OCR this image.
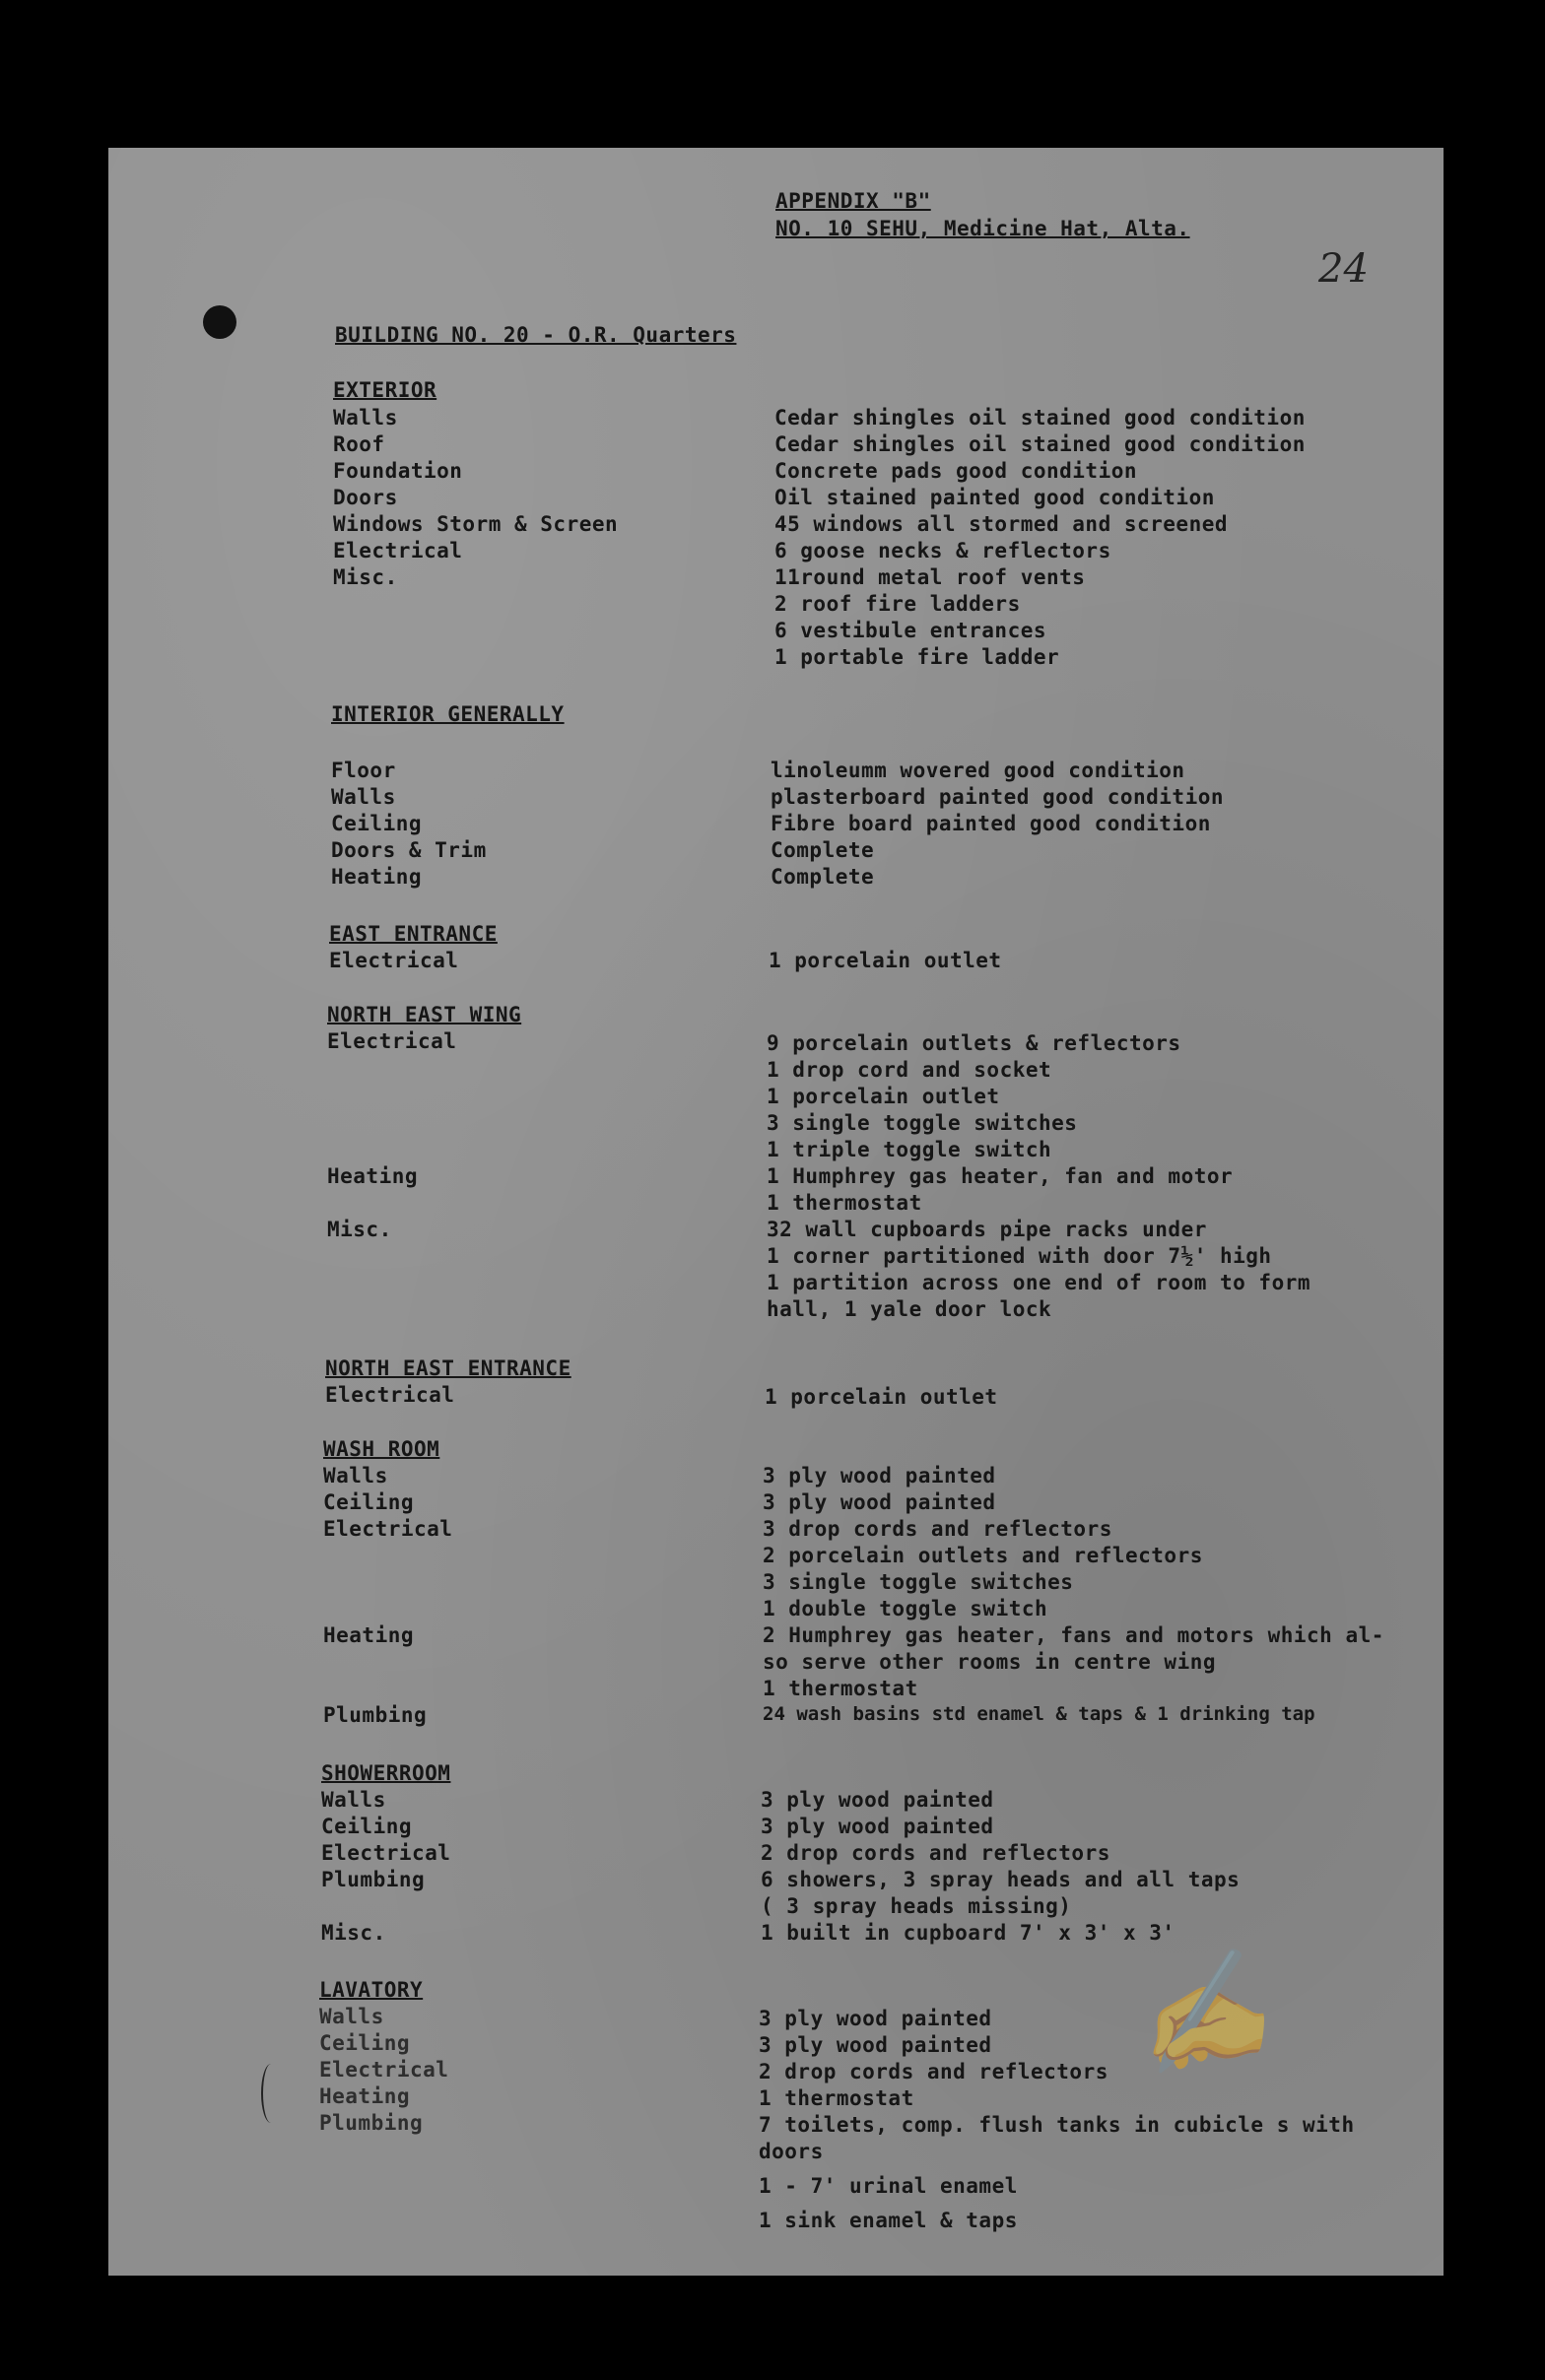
24
✍
APPENDIX "B"
NO. 10 SEHU, Medicine Hat, Alta.
BUILDING NO. 20 - O.R. Quarters
EXTERIOR
Walls	Cedar shingles oil stained good condition
Roof	Cedar shingles oil stained good condition
Foundation	Concrete pads good condition
Doors	Oil stained painted good condition
Windows Storm & Screen	45 windows all stormed and screened
Electrical	6 goose necks & reflectors
Misc.	11round metal roof vents
2 roof fire ladders
6 vestibule entrances
1 portable fire ladder
INTERIOR GENERALLY
Floor	linoleumm wovered good condition
Walls	plasterboard painted good condition
Ceiling	Fibre board painted good condition
Doors & Trim	Complete
Heating	Complete
EAST ENTRANCE
Electrical	1 porcelain outlet
NORTH EAST WING
Electrical	9 porcelain outlets & reflectors
1 drop cord and socket
1 porcelain outlet
3 single toggle switches
1 triple toggle switch
Heating	1 Humphrey gas heater, fan and motor
1 thermostat
Misc.	32 wall cupboards pipe racks under
1 corner partitioned with door 7½' high
1 partition across one end of room to form
hall, 1 yale door lock
NORTH EAST ENTRANCE
Electrical	1 porcelain outlet
WASH ROOM
Walls	3 ply wood painted
Ceiling	3 ply wood painted
Electrical	3 drop cords and reflectors
2 porcelain outlets and reflectors
3 single toggle switches
1 double toggle switch
Heating	2 Humphrey gas heater, fans and motors which al-
so serve other rooms in centre wing
1 thermostat
Plumbing	24 wash basins std enamel & taps & 1 drinking tap
SHOWERROOM
Walls	3 ply wood painted
Ceiling	3 ply wood painted
Electrical	2 drop cords and reflectors
Plumbing	6 showers, 3 spray heads and all taps
( 3 spray heads missing)
Misc.	1 built in cupboard 7' x 3' x 3'
LAVATORY
Walls	3 ply wood painted
Ceiling	3 ply wood painted
Electrical	2 drop cords and reflectors
Heating	1 thermostat
Plumbing	7 toilets, comp. flush tanks in cubicle s with
doors
1 - 7' urinal enamel
1 sink enamel & taps
